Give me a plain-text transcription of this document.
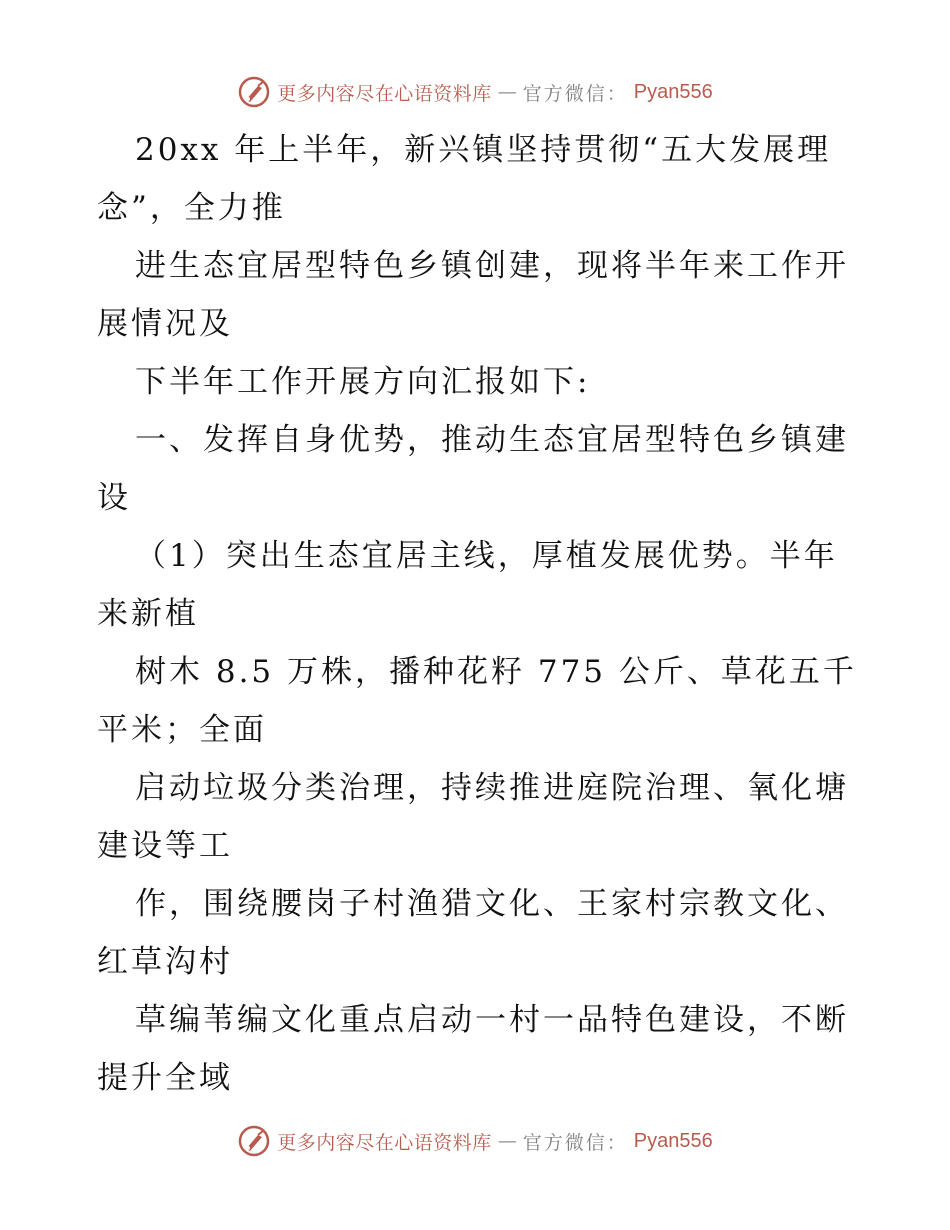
更多内容尽在心语资料库 — 官方微信： Pyan556
20xx 年上半年，新兴镇坚持贯彻“五大发展理
念”，全力推
进生态宜居型特色乡镇创建，现将半年来工作开
展情况及
下半年工作开展方向汇报如下:
一、发挥自身优势，推动生态宜居型特色乡镇建
设
（1）突出生态宜居主线，厚植发展优势。半年
来新植
树木 8.5 万株，播种花籽 775 公斤、草花五千
平米；全面
启动垃圾分类治理，持续推进庭院治理、氧化塘
建设等工
作，围绕腰岗子村渔猎文化、王家村宗教文化、
红草沟村
草编苇编文化重点启动一村一品特色建设，不断
提升全域
更多内容尽在心语资料库 — 官方微信： Pyan556
